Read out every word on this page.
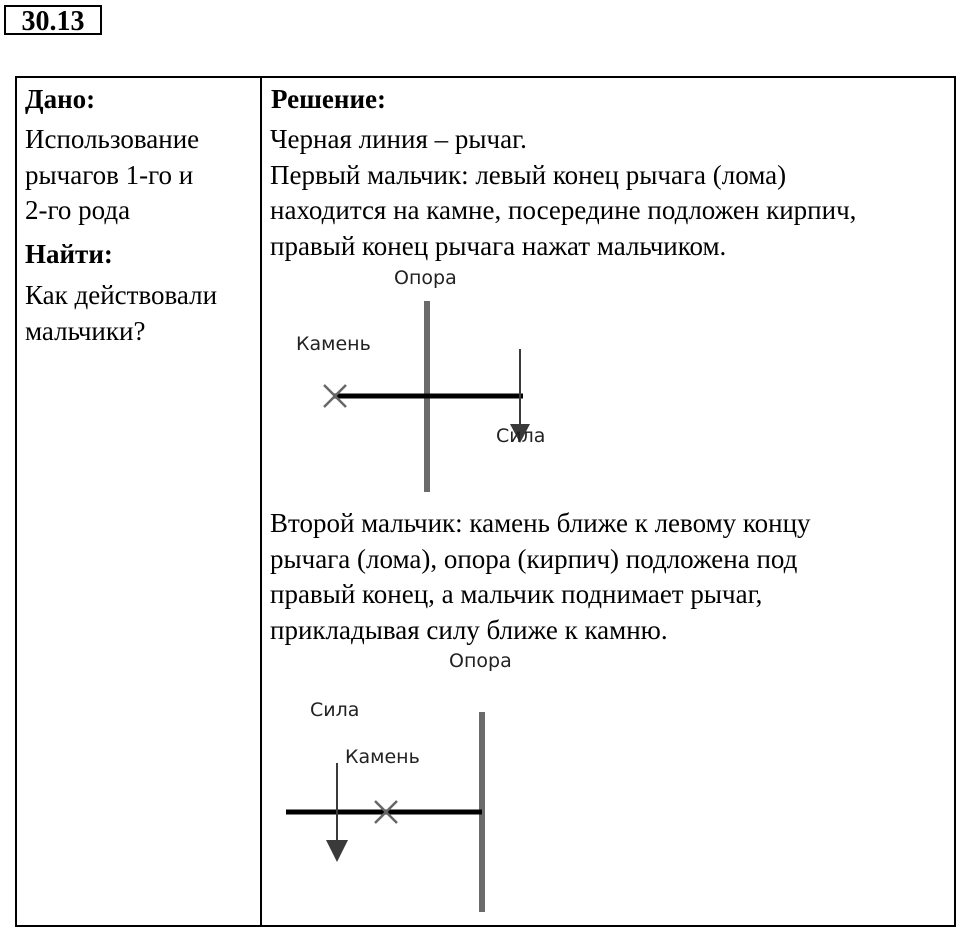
30.13
Дано:
Использование
рычагов 1-го и
2-го рода
Найти:
Как действовали
мальчики?
Решение:
Черная линия – рычаг.
Первый мальчик: левый конец рычага (лома)
находится на камне, посередине подложен кирпич,
правый конец рычага нажат мальчиком.
Опора
Камень
Сила
Второй мальчик: камень ближе к левому концу
рычага (лома), опора (кирпич) подложена под
правый конец, а мальчик поднимает рычаг,
прикладывая силу ближе к камню.
Опора
Сила
Камень
